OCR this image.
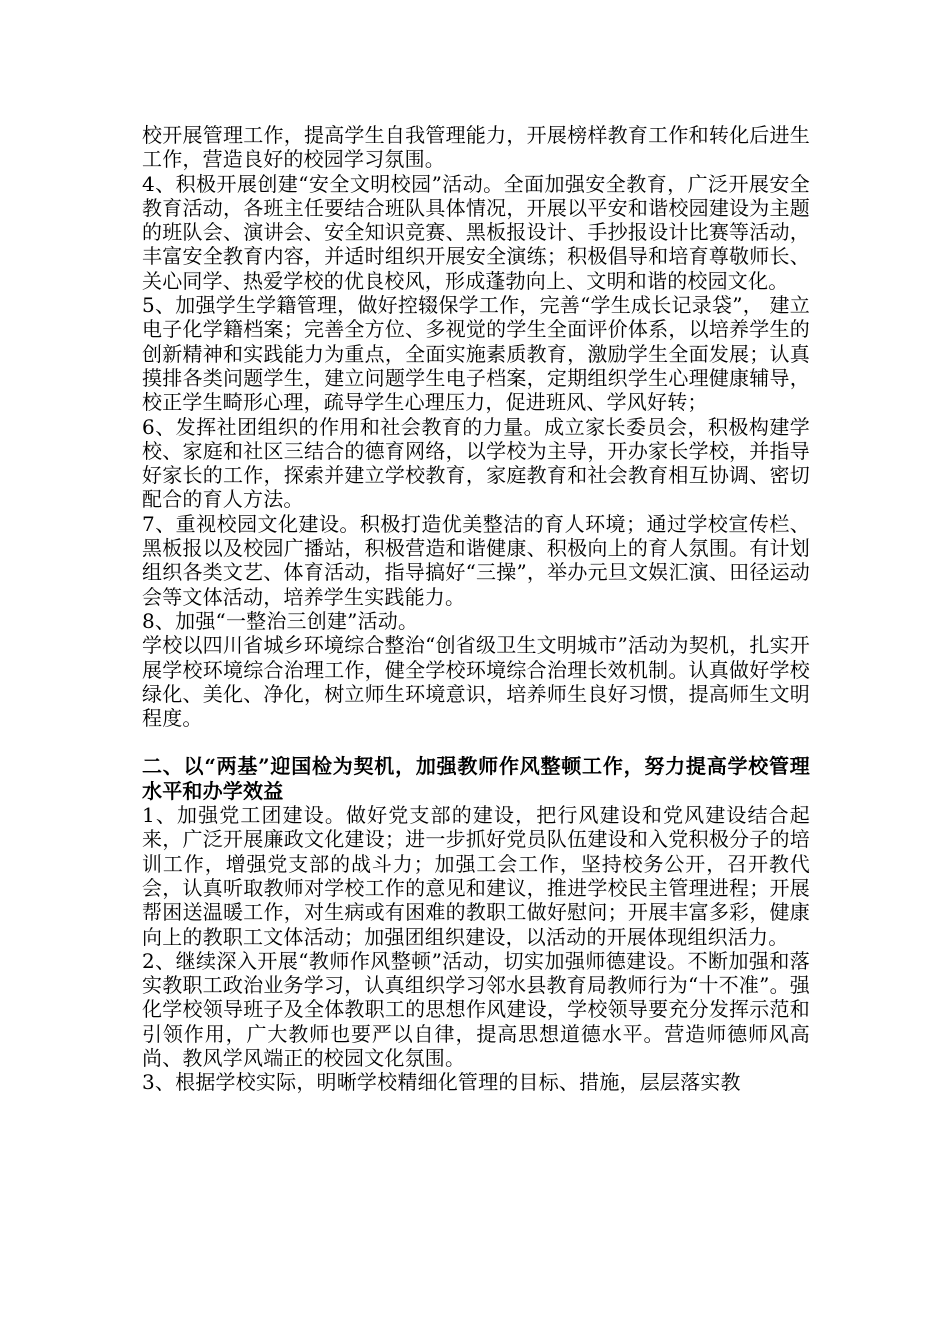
校开展管理工作，提高学生自我管理能力，开展榜样教育工作和转化后进生工作，营造良好的校园学习氛围。

4、积极开展创建“安全文明校园”活动。全面加强安全教育，广泛开展安全教育活动，各班主任要结合班队具体情况，开展以平安和谐校园建设为主题的班队会、演讲会、安全知识竞赛、黑板报设计、手抄报设计比赛等活动，丰富安全教育内容，并适时组织开展安全演练；积极倡导和培育尊敬师长、关心同学、热爱学校的优良校风，形成蓬勃向上、文明和谐的校园文化。

5、加强学生学籍管理，做好控辍保学工作，完善“学生成长记录袋”， 建立电子化学籍档案；完善全方位、多视觉的学生全面评价体系，以培养学生的创新精神和实践能力为重点，全面实施素质教育，激励学生全面发展；认真摸排各类问题学生，建立问题学生电子档案，定期组织学生心理健康辅导，校正学生畸形心理，疏导学生心理压力，促进班风、学风好转；

6、发挥社团组织的作用和社会教育的力量。成立家长委员会，积极构建学校、家庭和社区三结合的德育网络，以学校为主导，开办家长学校，并指导好家长的工作，探索并建立学校教育，家庭教育和社会教育相互协调、密切配合的育人方法。

7、重视校园文化建设。积极打造优美整洁的育人环境；通过学校宣传栏、黑板报以及校园广播站，积极营造和谐健康、积极向上的育人氛围。有计划组织各类文艺、体育活动，指导搞好“三操”，举办元旦文娱汇演、田径运动会等文体活动，培养学生实践能力。

8、加强“一整治三创建”活动。

学校以四川省城乡环境综合整治“创省级卫生文明城市”活动为契机，扎实开展学校环境综合治理工作，健全学校环境综合治理长效机制。认真做好学校绿化、美化、净化，树立师生环境意识，培养师生良好习惯，提高师生文明程度。

二、以“两基”迎国检为契机，加强教师作风整顿工作，努力提高学校管理水平和办学效益

1、加强党工团建设。做好党支部的建设，把行风建设和党风建设结合起来，广泛开展廉政文化建设；进一步抓好党员队伍建设和入党积极分子的培训工作，增强党支部的战斗力；加强工会工作，坚持校务公开，召开教代会，认真听取教师对学校工作的意见和建议，推进学校民主管理进程；开展帮困送温暖工作，对生病或有困难的教职工做好慰问；开展丰富多彩，健康向上的教职工文体活动；加强团组织建设，以活动的开展体现组织活力。

2、继续深入开展“教师作风整顿”活动，切实加强师德建设。不断加强和落实教职工政治业务学习，认真组织学习邻水县教育局教师行为“十不准”。强化学校领导班子及全体教职工的思想作风建设，学校领导要充分发挥示范和引领作用，广大教师也要严以自律，提高思想道德水平。营造师德师风高尚、教风学风端正的校园文化氛围。

3、根据学校实际，明晰学校精细化管理的目标、措施，层层落实教
